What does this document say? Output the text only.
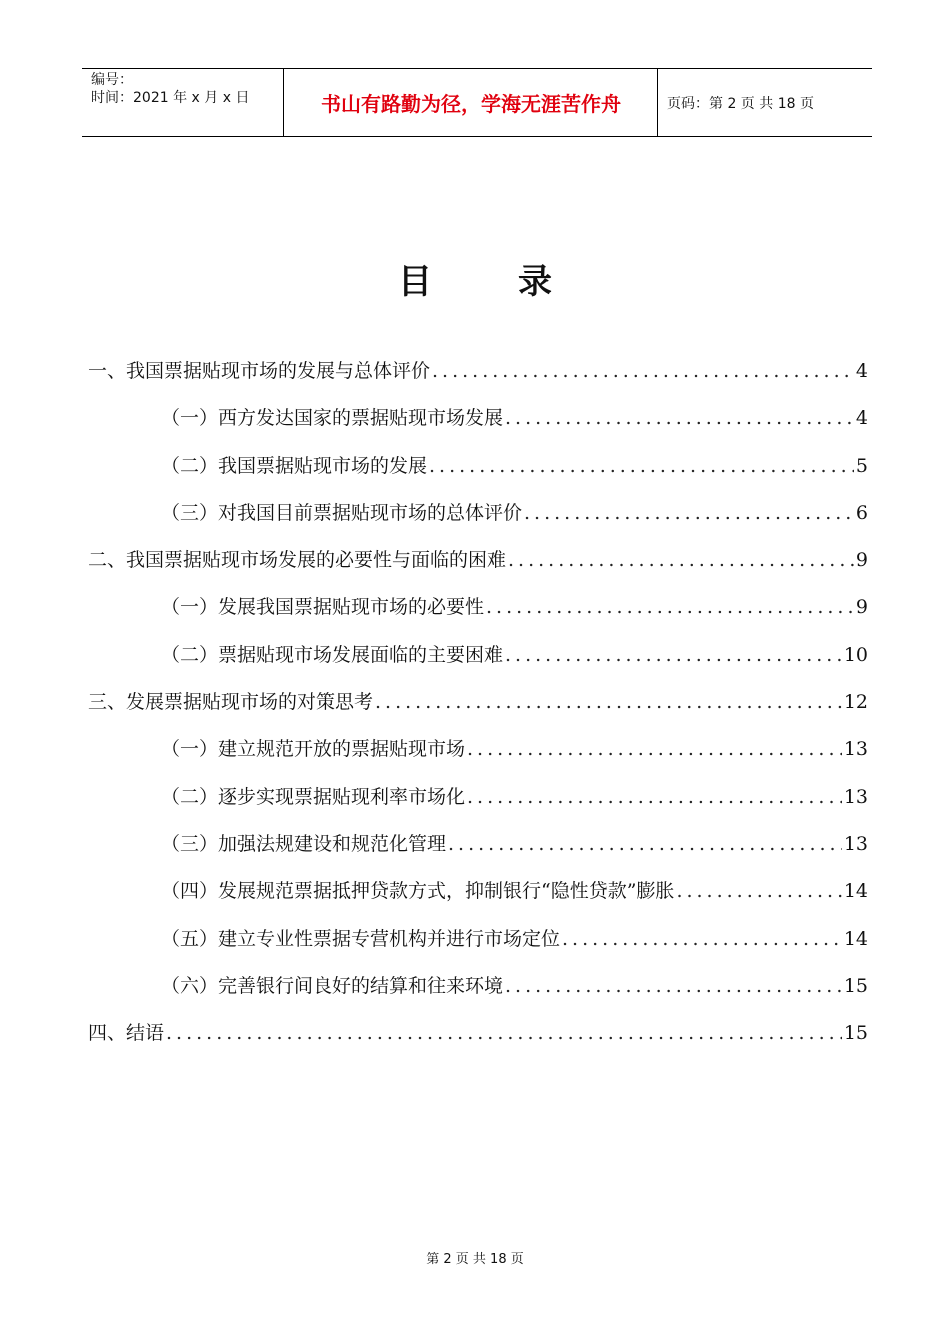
编号：
时间：2021 年 x 月 x 日	书山有路勤为径，学海无涯苦作舟	页码：第 2 页 共 18 页
目录
一、我国票据贴现市场的发展与总体评价 .....	4
（一）西方发达国家的票据贴现市场发展 .....	4
（二）我国票据贴现市场的发展 .....	5
（三）对我国目前票据贴现市场的总体评价 .....	6
二、我国票据贴现市场发展的必要性与面临的困难 .....	9
（一）发展我国票据贴现市场的必要性 .....	9
（二）票据贴现市场发展面临的主要困难 .....	10
三、发展票据贴现市场的对策思考 .....	12
（一）建立规范开放的票据贴现市场 .....	13
（二）逐步实现票据贴现利率市场化 .....	13
（三）加强法规建设和规范化管理 .....	13
（四）发展规范票据抵押贷款方式，抑制银行“隐性贷款”膨胀 .....	14
（五）建立专业性票据专营机构并进行市场定位 .....	14
（六）完善银行间良好的结算和往来环境 .....	15
四、结语 .....	15
第 2 页 共 18 页
